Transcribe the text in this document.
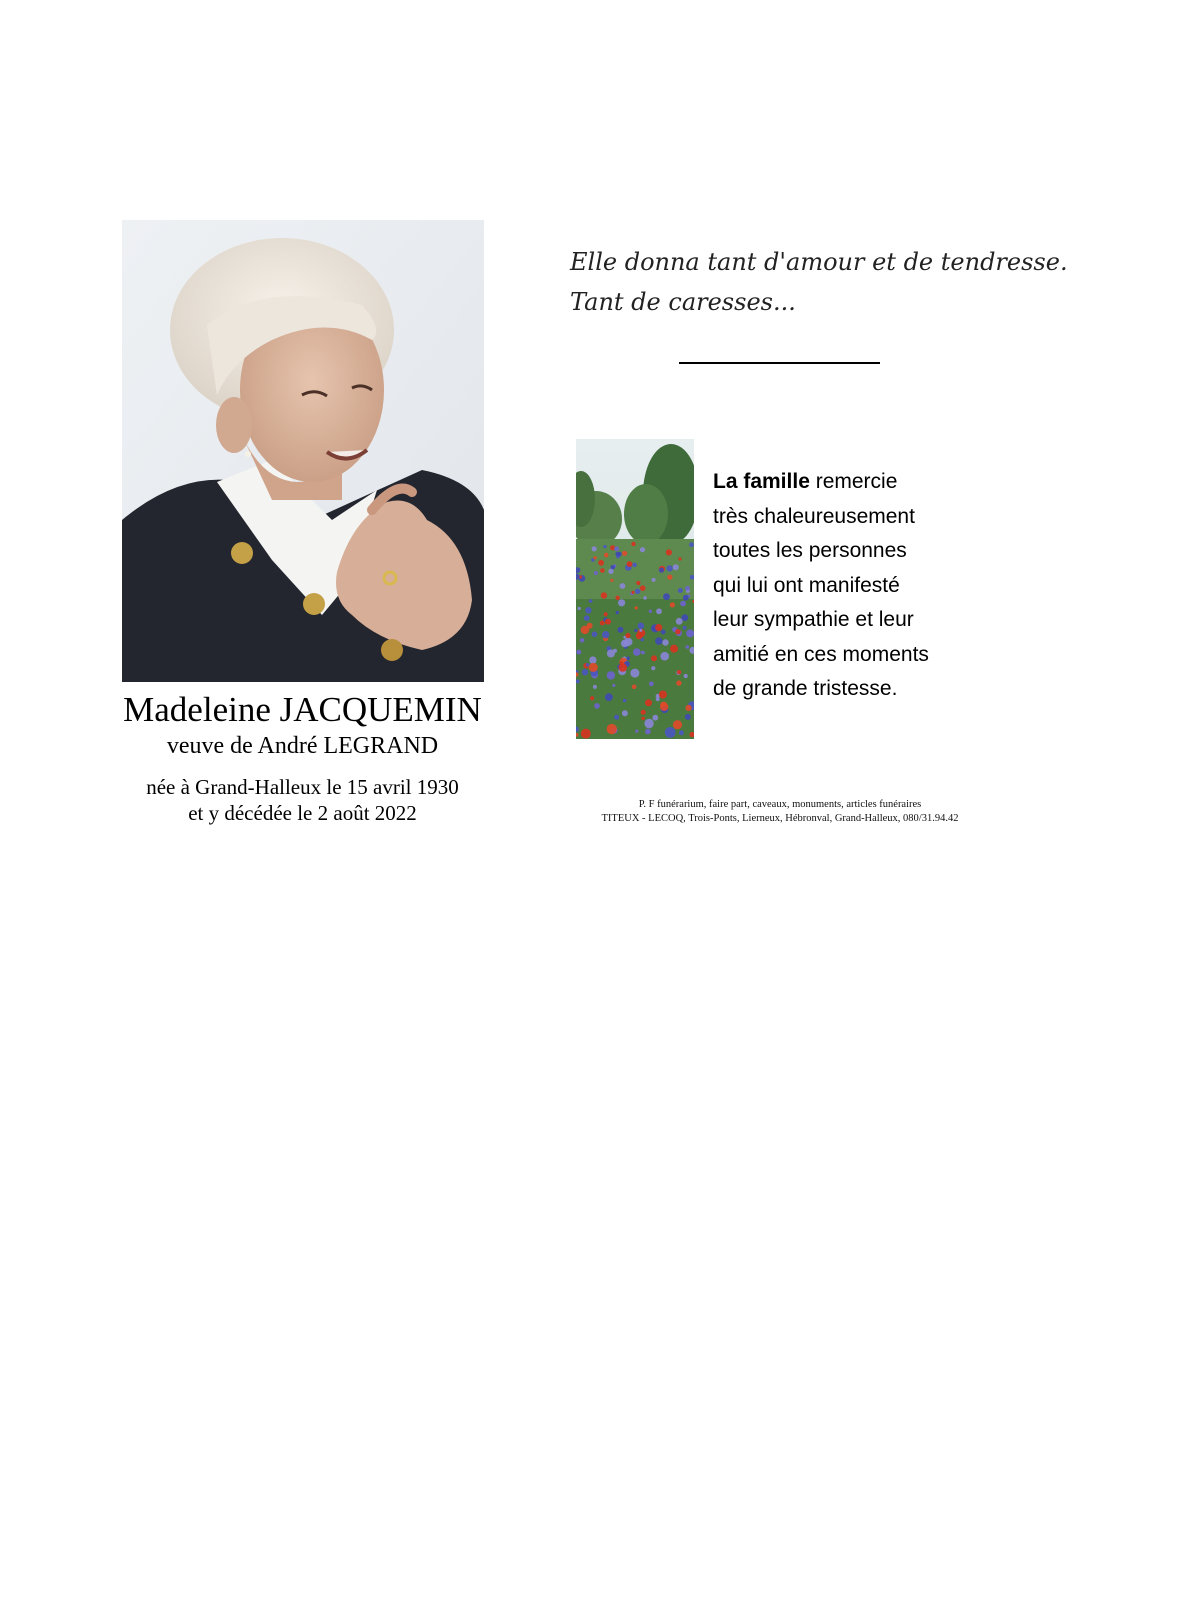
Madeleine JACQUEMIN
veuve de André LEGRAND
née à Grand-Halleux le 15 avril 1930
et y décédée le 2 août 2022
Elle donna tant d'amour et de tendresse.
Tant de caresses...
La famille remercie
très chaleureusement
toutes les personnes
qui lui ont manifesté
leur sympathie et leur
amitié en ces moments
de grande tristesse.
P. F funérarium, faire part, caveaux, monuments, articles funéraires
TITEUX - LECOQ, Trois-Ponts, Lierneux, Hébronval, Grand-Halleux, 080/31.94.42
